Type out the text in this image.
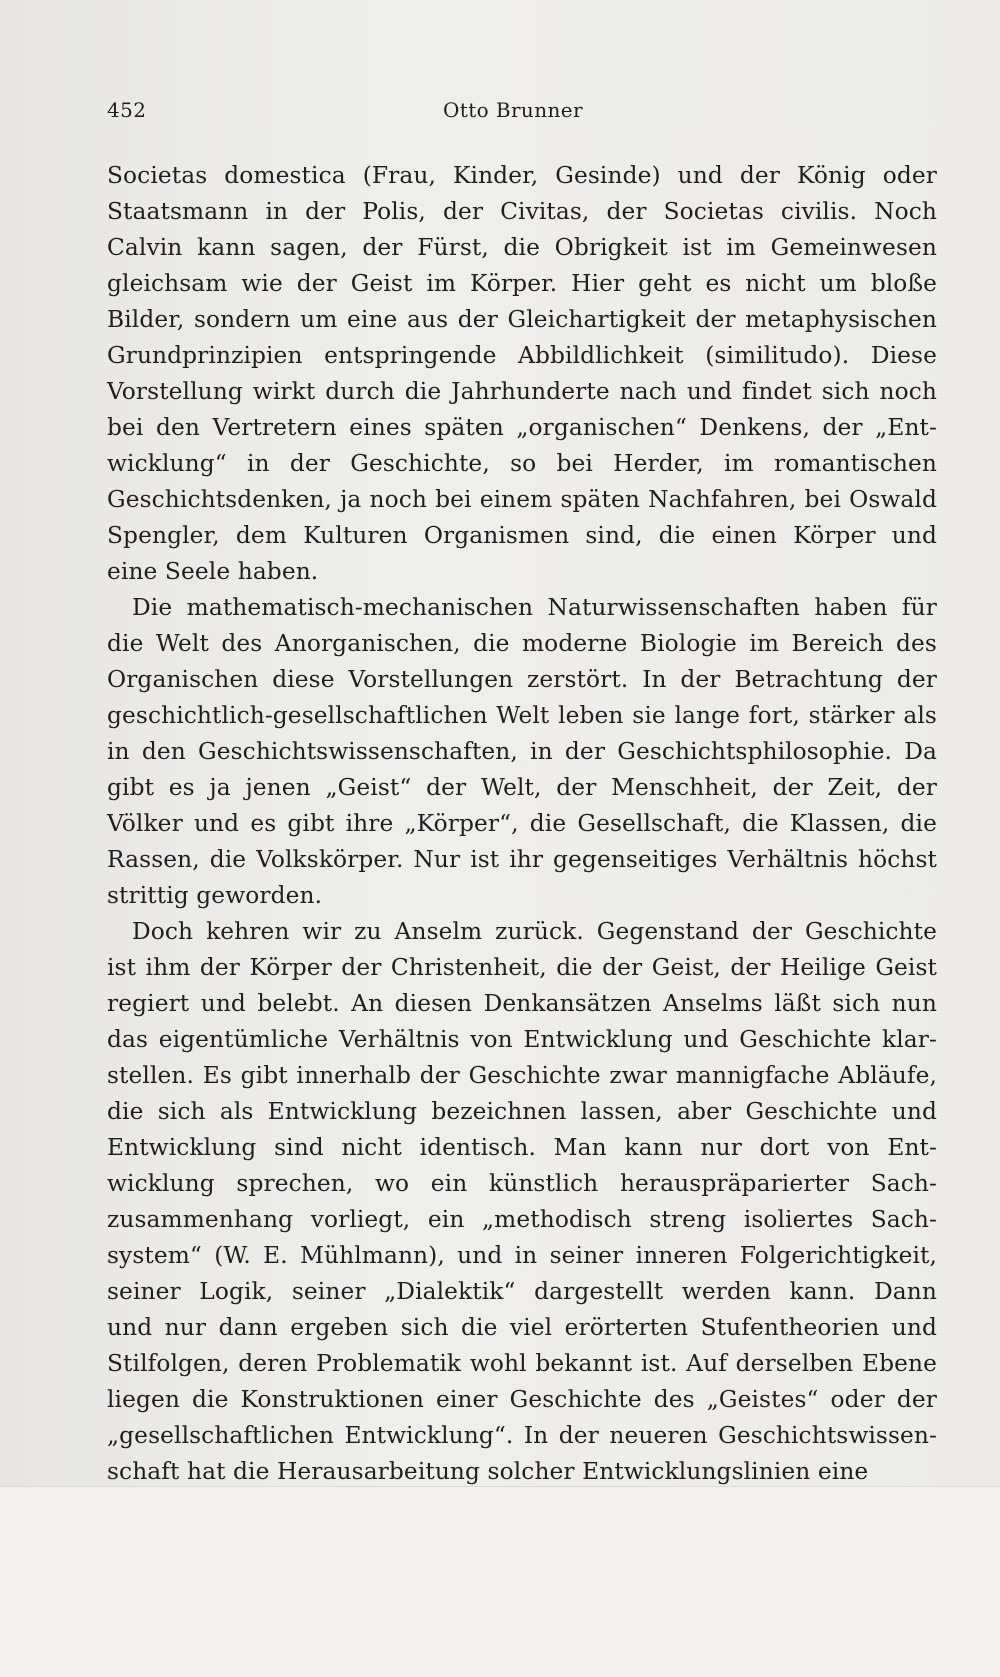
452	Otto Brunner
Societas domestica (Frau, Kinder, Gesinde) und der König oder
Staatsmann in der Polis, der Civitas, der Societas civilis. Noch
Calvin kann sagen, der Fürst, die Obrigkeit ist im Gemeinwesen
gleichsam wie der Geist im Körper. Hier geht es nicht um bloße
Bilder, sondern um eine aus der Gleichartigkeit der metaphysischen
Grundprinzipien entspringende Abbildlichkeit (similitudo). Diese
Vorstellung wirkt durch die Jahrhunderte nach und findet sich noch
bei den Vertretern eines späten „organischen“ Denkens, der „Ent-
wicklung“ in der Geschichte, so bei Herder, im romantischen
Geschichtsdenken, ja noch bei einem späten Nachfahren, bei Oswald
Spengler, dem Kulturen Organismen sind, die einen Körper und
eine Seele haben.
Die mathematisch-mechanischen Naturwissenschaften haben für
die Welt des Anorganischen, die moderne Biologie im Bereich des
Organischen diese Vorstellungen zerstört. In der Betrachtung der
geschichtlich-gesellschaftlichen Welt leben sie lange fort, stärker als
in den Geschichtswissenschaften, in der Geschichtsphilosophie. Da
gibt es ja jenen „Geist“ der Welt, der Menschheit, der Zeit, der
Völker und es gibt ihre „Körper“, die Gesellschaft, die Klassen, die
Rassen, die Volkskörper. Nur ist ihr gegenseitiges Verhältnis höchst
strittig geworden.
Doch kehren wir zu Anselm zurück. Gegenstand der Geschichte
ist ihm der Körper der Christenheit, die der Geist, der Heilige Geist
regiert und belebt. An diesen Denkansätzen Anselms läßt sich nun
das eigentümliche Verhältnis von Entwicklung und Geschichte klar-
stellen. Es gibt innerhalb der Geschichte zwar mannigfache Abläufe,
die sich als Entwicklung bezeichnen lassen, aber Geschichte und
Entwicklung sind nicht identisch. Man kann nur dort von Ent-
wicklung sprechen, wo ein künstlich herauspräparierter Sach-
zusammenhang vorliegt, ein „methodisch streng isoliertes Sach-
system“ (W. E. Mühlmann), und in seiner inneren Folgerichtigkeit,
seiner Logik, seiner „Dialektik“ dargestellt werden kann. Dann
und nur dann ergeben sich die viel erörterten Stufentheorien und
Stilfolgen, deren Problematik wohl bekannt ist. Auf derselben Ebene
liegen die Konstruktionen einer Geschichte des „Geistes“ oder der
„gesellschaftlichen Entwicklung“. In der neueren Geschichtswissen-
schaft hat die Herausarbeitung solcher Entwicklungslinien eine
